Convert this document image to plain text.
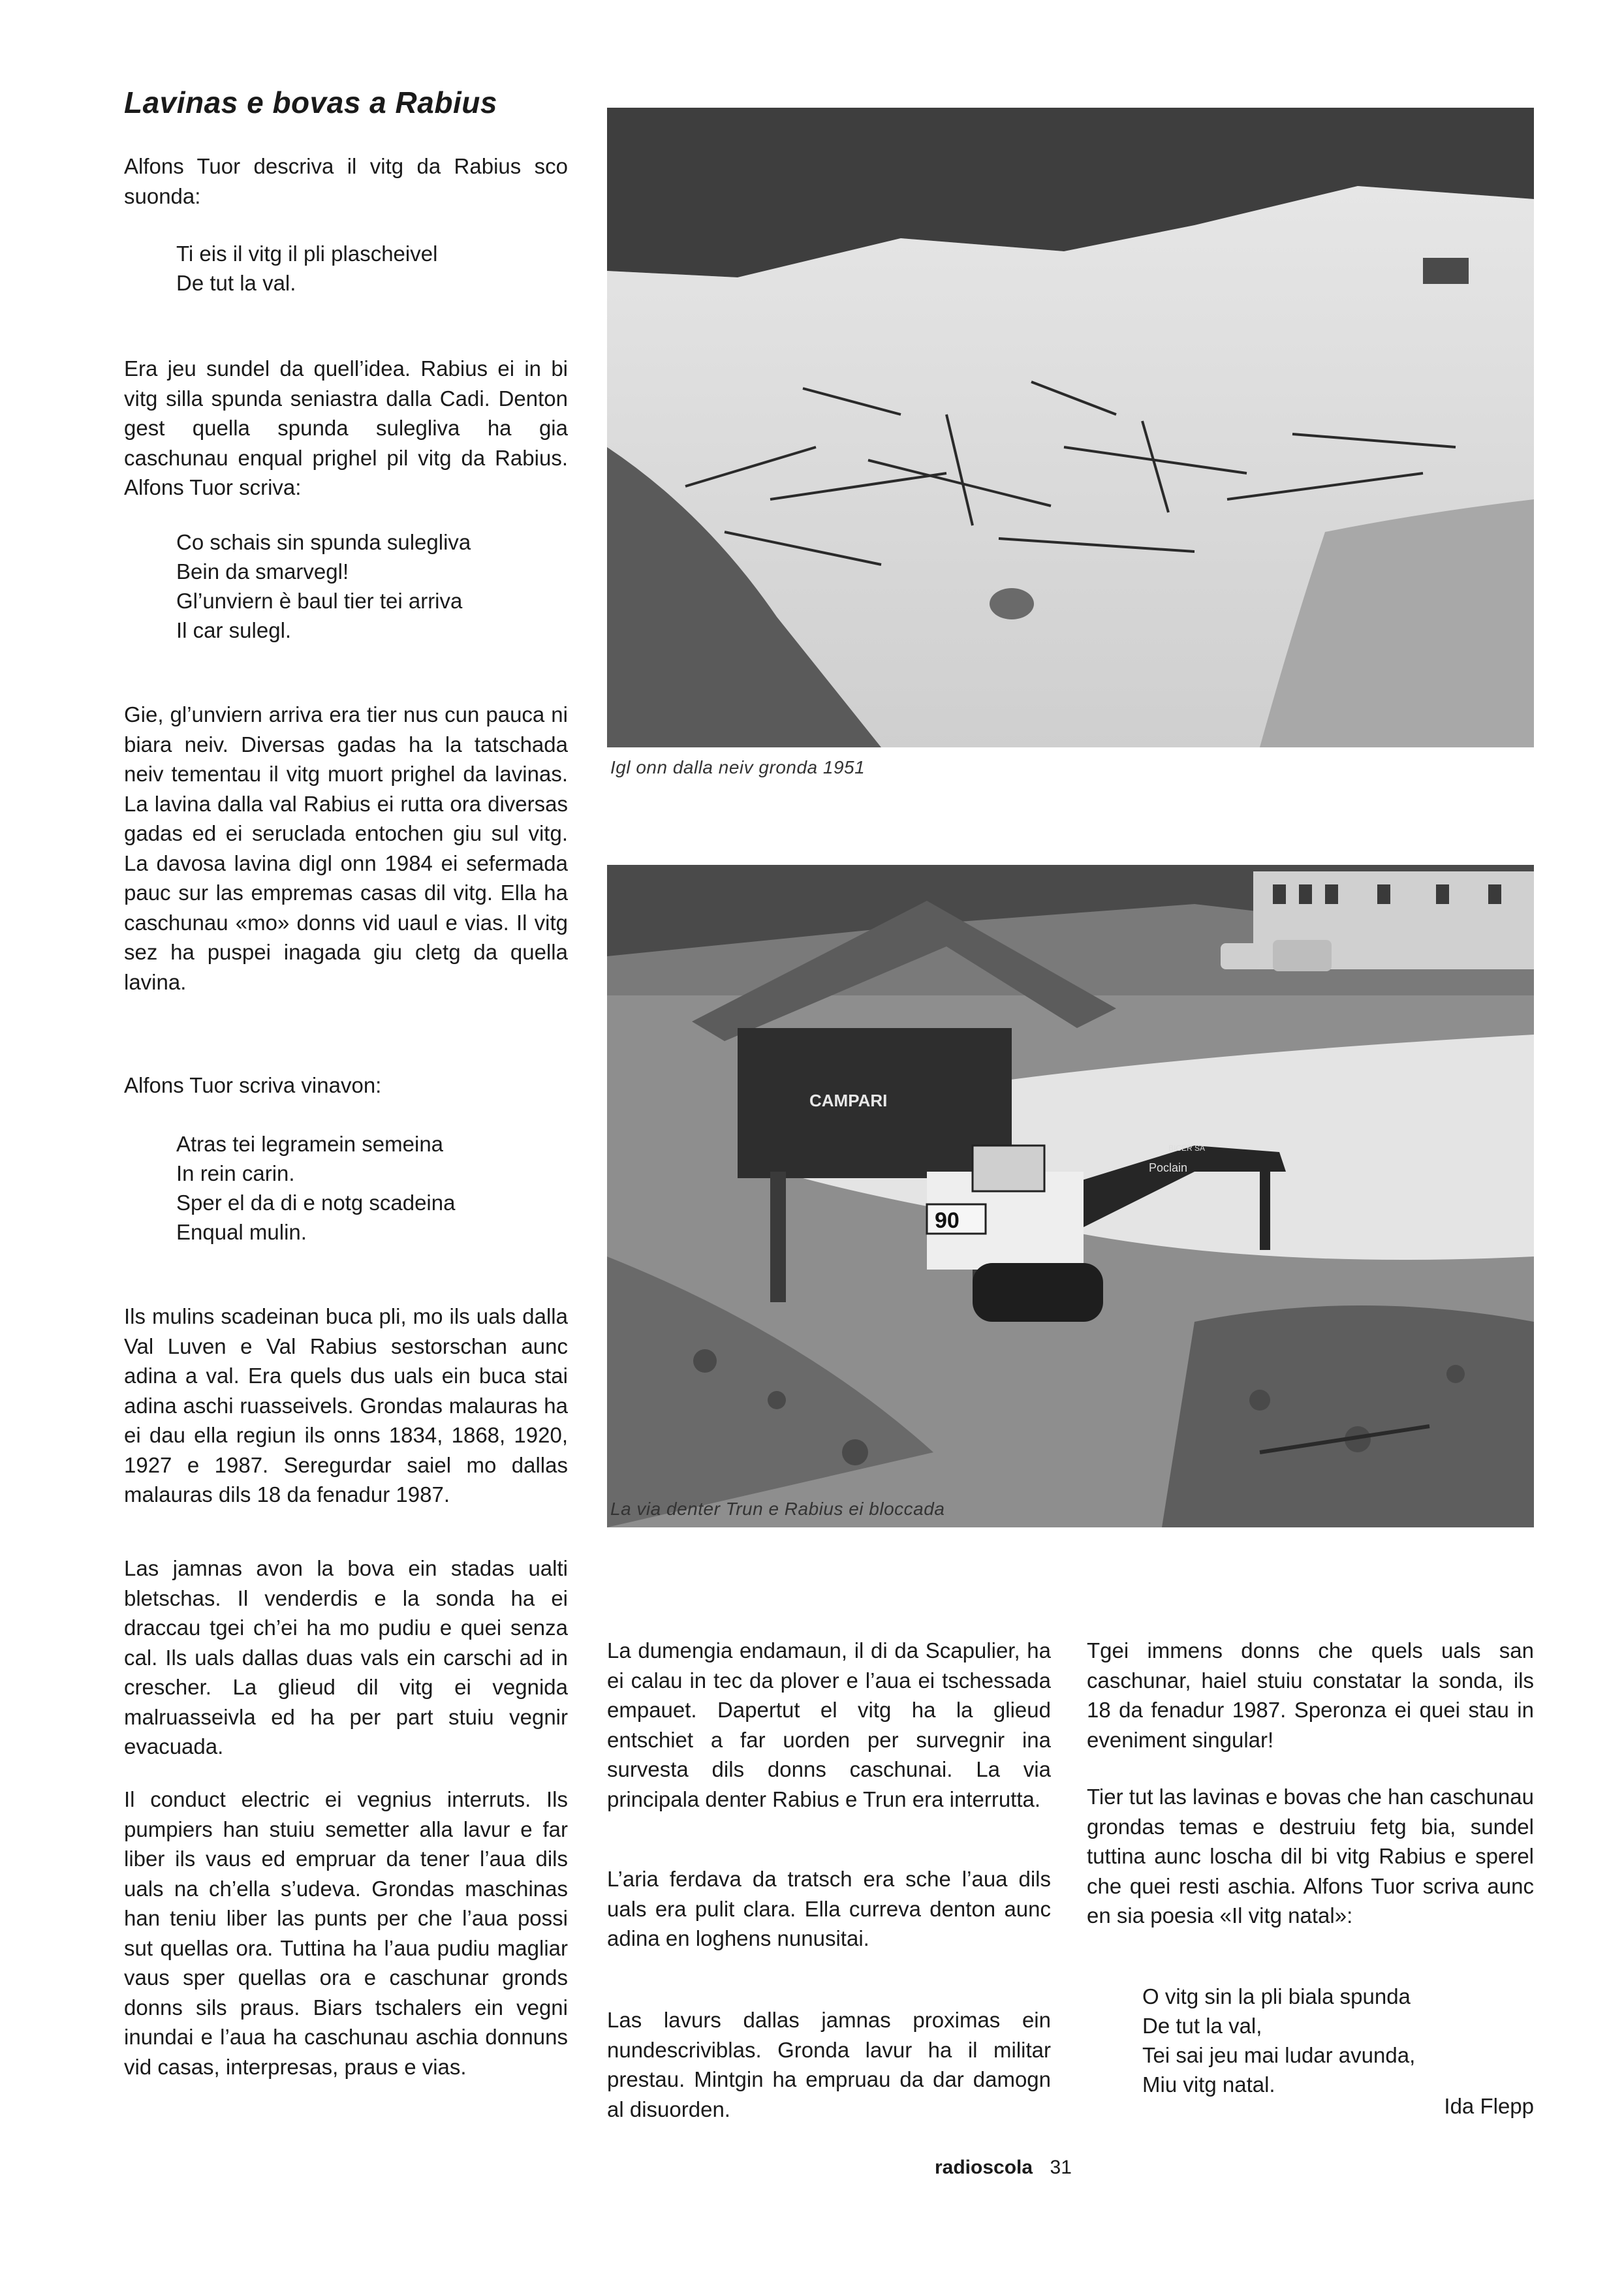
Lavinas e bovas a Rabius

Alfons Tuor descriva il vitg da Rabius sco suonda:

Ti eis il vitg il pli plascheivel
De tut la val.

Era jeu sundel da quell’idea. Rabius ei in bi vitg silla spunda seniastra dalla Cadi. Denton gest quella spunda sulegliva ha gia caschunau enqual prighel pil vitg da Rabius. Alfons Tuor scriva:

Co schais sin spunda sulegliva
Bein da smarvegl!
Gl’unviern è baul tier tei arriva
Il car sulegl.

Gie, gl’unviern arriva era tier nus cun pauca ni biara neiv. Diversas gadas ha la tatschada neiv tementau il vitg muort prighel da lavinas. La lavina dalla val Rabius ei rutta ora diversas gadas ed ei seruclada entochen giu sul vitg. La davosa lavina digl onn 1984 ei sefermada pauc sur las empremas casas dil vitg. Ella ha caschunau «mo» donns vid uaul e vias. Il vitg sez ha puspei inagada giu cletg da quella lavina.

Alfons Tuor scriva vinavon:

Atras tei legramein semeina
In rein carin.
Sper el da di e notg scadeina
Enqual mulin.

Ils mulins scadeinan buca pli, mo ils uals dalla Val Luven e Val Rabius sestorschan aunc adina a val. Era quels dus uals ein buca stai adina aschi ruasseivels. Grondas malauras ha ei dau ella regiun ils onns 1834, 1868, 1920, 1927 e 1987. Seregurdar saiel mo dallas malauras dils 18 da fenadur 1987.

Las jamnas avon la bova ein stadas ualti bletschas. Il venderdis e la sonda ha ei draccau tgei ch’ei ha mo pudiu e quei senza cal. Ils uals dallas duas vals ein carschi ad in crescher. La glieud dil vitg ei vegnida malruasseivla ed ha per part stuiu vegnir evacuada.

Il conduct electric ei vegnius interruts. Ils pumpiers han stuiu semetter alla lavur e far liber ils vaus ed empruar da tener l’aua dils uals na ch’ella s’udeva. Grondas maschinas han teniu liber las punts per che l’aua possi sut quellas ora. Tuttina ha l’aua pudiu magliar vaus sper quellas ora e caschunar gronds donns sils praus. Biars tschalers ein vegni inundai e l’aua ha caschunau aschia donnuns vid casas, interpresas, praus e vias.

Igl onn dalla neiv gronda 1951
CAMPARI
Poclain
BICER SA
90
La via denter Trun e Rabius ei bloccada

La dumengia endamaun, il di da Scapulier, ha ei calau in tec da plover e l’aua ei tschessada empauet. Dapertut el vitg ha la glieud entschiet a far uorden per survegnir ina survesta dils donns caschunai. La via principala denter Rabius e Trun era interrutta.

L’aria ferdava da tratsch era sche l’aua dils uals era pulit clara. Ella curreva denton aunc adina en loghens nunusitai.

Las lavurs dallas jamnas proximas ein nundescriviblas. Gronda lavur ha il militar prestau. Mintgin ha empruau da dar damogn al disuorden.

Tgei immens donns che quels uals san caschunar, haiel stuiu constatar la sonda, ils 18 da fenadur 1987. Speronza ei quei stau in eveniment singular!

Tier tut las lavinas e bovas che han caschunau grondas temas e destruiu fetg bia, sundel tuttina aunc loscha dil bi vitg Rabius e sperel che quei resti aschia. Alfons Tuor scriva aunc en sia poesia «Il vitg natal»:

O vitg sin la pli biala spunda
De tut la val,
Tei sai jeu mai ludar avunda,
Miu vitg natal.
Ida Flepp
radioscola 31
